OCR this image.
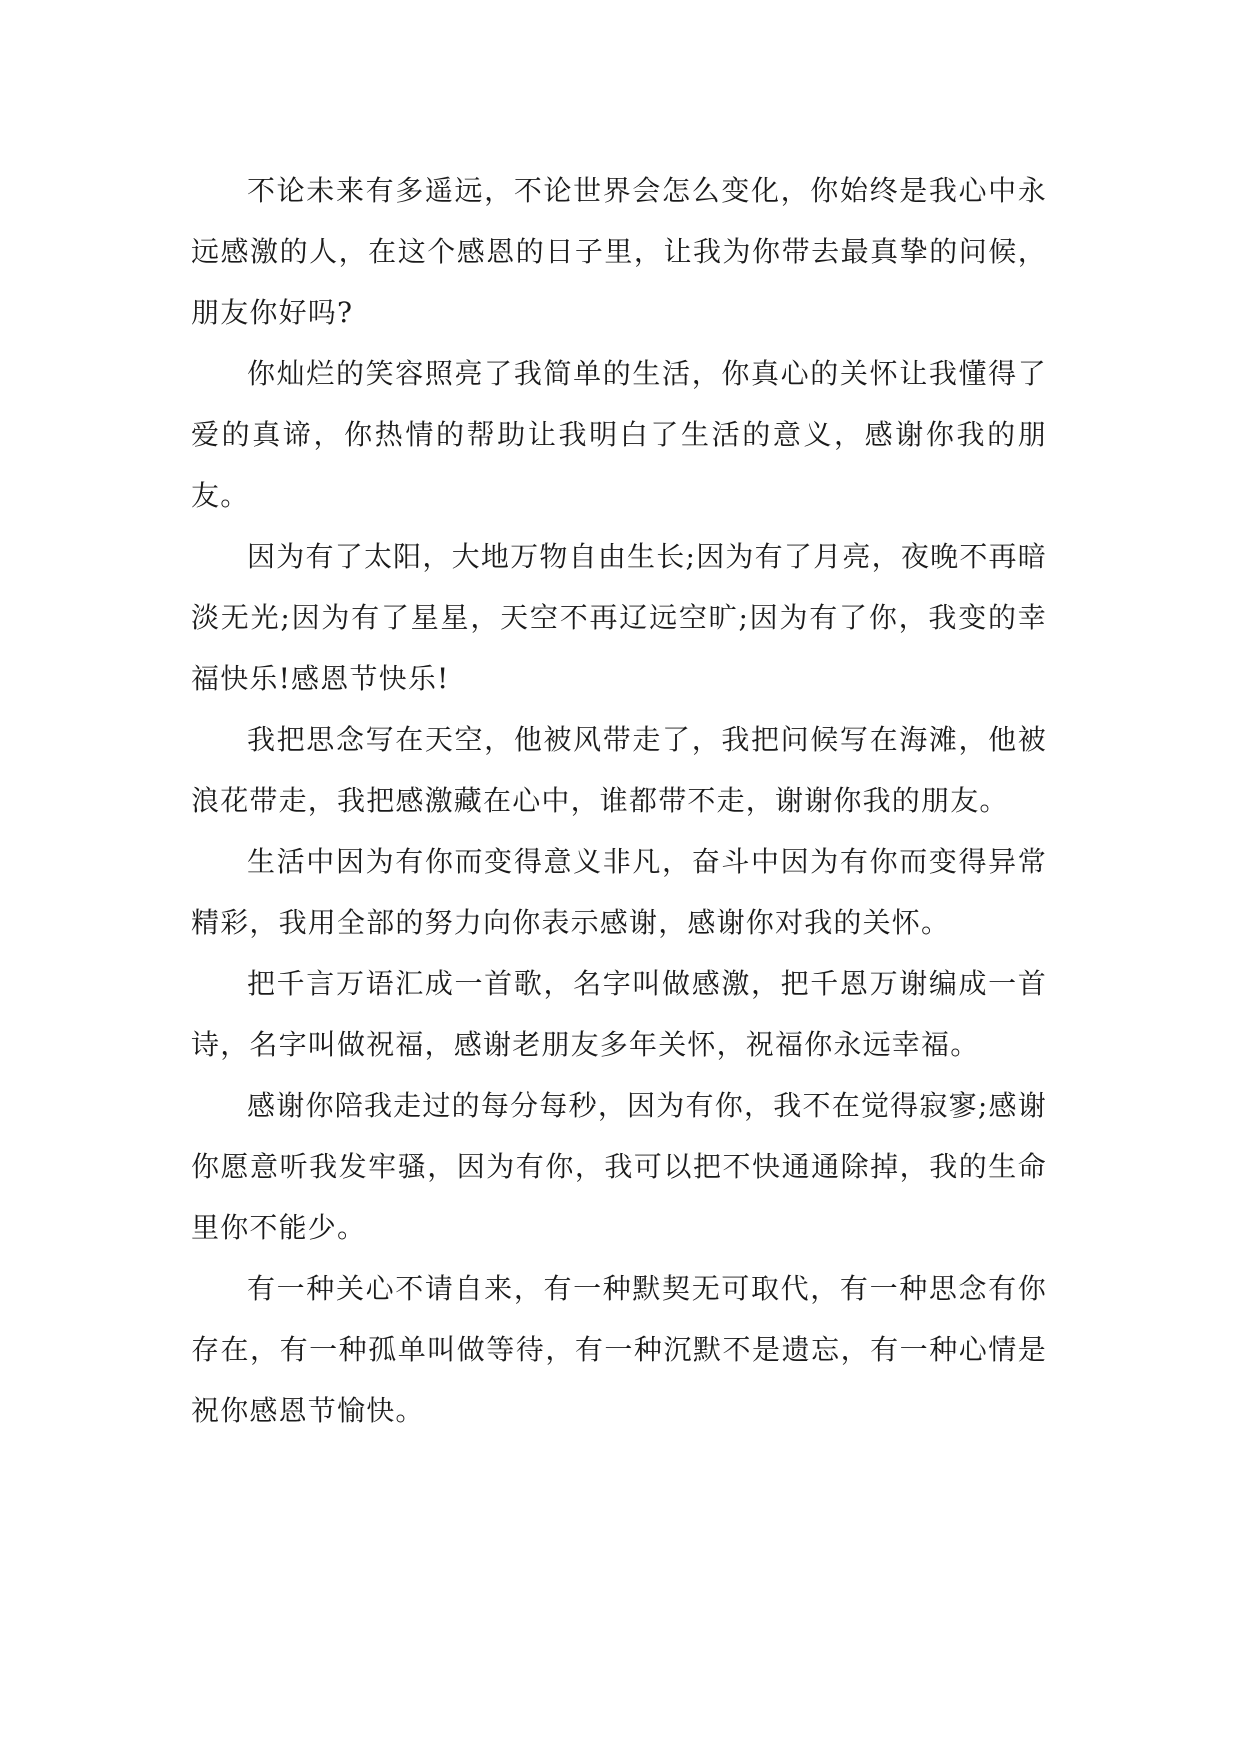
不论未来有多遥远，不论世界会怎么变化，你始终是我心中永远感激的人，在这个感恩的日子里，让我为你带去最真挚的问候，朋友你好吗?

你灿烂的笑容照亮了我简单的生活，你真心的关怀让我懂得了爱的真谛，你热情的帮助让我明白了生活的意义，感谢你我的朋友。

因为有了太阳，大地万物自由生长;因为有了月亮，夜晚不再暗淡无光;因为有了星星，天空不再辽远空旷;因为有了你，我变的幸福快乐!感恩节快乐!

我把思念写在天空，他被风带走了，我把问候写在海滩，他被浪花带走，我把感激藏在心中，谁都带不走，谢谢你我的朋友。

生活中因为有你而变得意义非凡，奋斗中因为有你而变得异常精彩，我用全部的努力向你表示感谢，感谢你对我的关怀。

把千言万语汇成一首歌，名字叫做感激，把千恩万谢编成一首诗，名字叫做祝福，感谢老朋友多年关怀，祝福你永远幸福。

感谢你陪我走过的每分每秒，因为有你，我不在觉得寂寥;感谢你愿意听我发牢骚，因为有你，我可以把不快通通除掉，我的生命里你不能少。

有一种关心不请自来，有一种默契无可取代，有一种思念有你存在，有一种孤单叫做等待，有一种沉默不是遗忘，有一种心情是祝你感恩节愉快。
